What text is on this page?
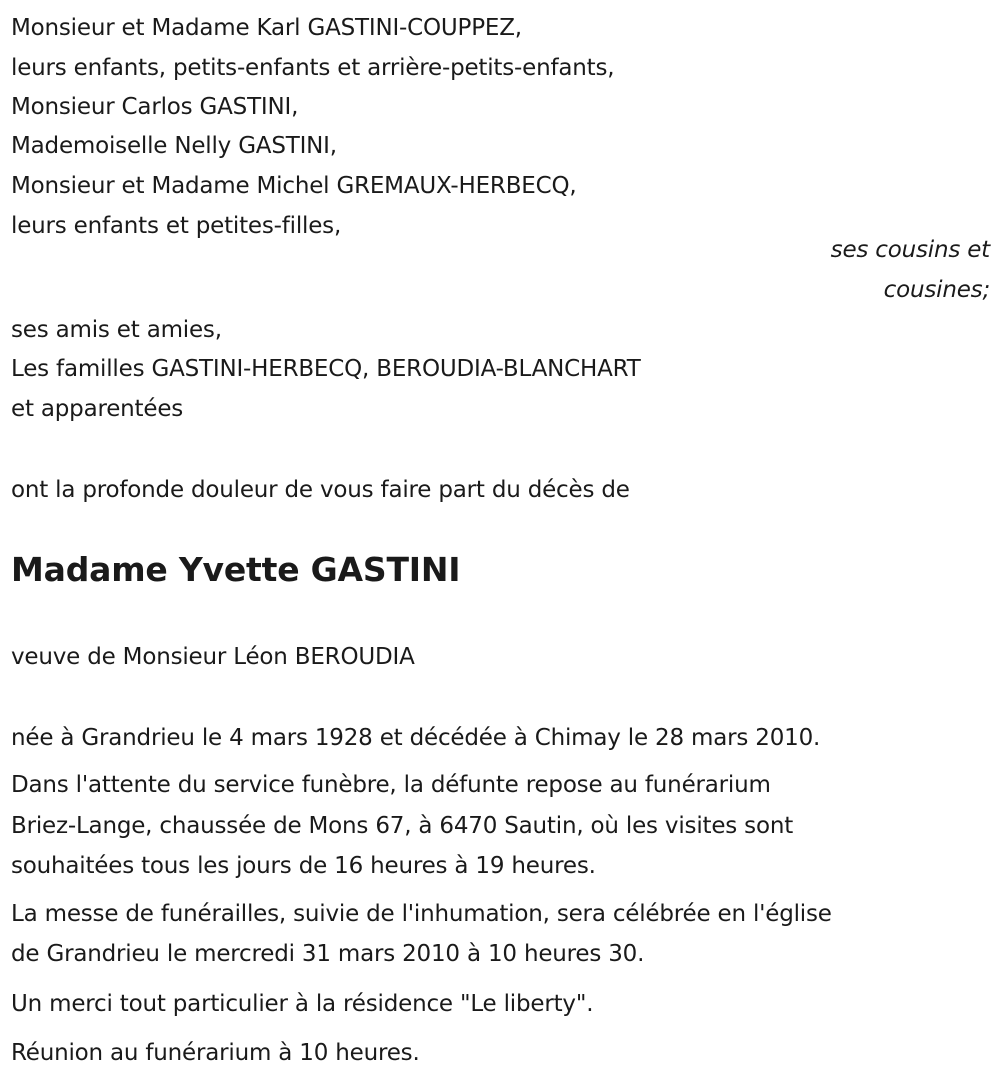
Monsieur et Madame Karl GASTINI-COUPPEZ,
leurs enfants, petits-enfants et arrière-petits-enfants,
Monsieur Carlos GASTINI,
Mademoiselle Nelly GASTINI,
Monsieur et Madame Michel GREMAUX-HERBECQ,
leurs enfants et petites-filles,
ses cousins et
cousines;
ses amis et amies,
Les familles GASTINI-HERBECQ, BEROUDIA-BLANCHART
et apparentées
ont la profonde douleur de vous faire part du décès de
Madame Yvette GASTINI
veuve de Monsieur Léon BEROUDIA
née à Grandrieu le 4 mars 1928 et décédée à Chimay le 28 mars 2010.
Dans l'attente du service funèbre, la défunte repose au funérarium
Briez-Lange, chaussée de Mons 67, à 6470 Sautin, où les visites sont
souhaitées tous les jours de 16 heures à 19 heures.
La messe de funérailles, suivie de l'inhumation, sera célébrée en l'église
de Grandrieu le mercredi 31 mars 2010 à 10 heures 30.
Un merci tout particulier à la résidence "Le liberty".
Réunion au funérarium à 10 heures.
